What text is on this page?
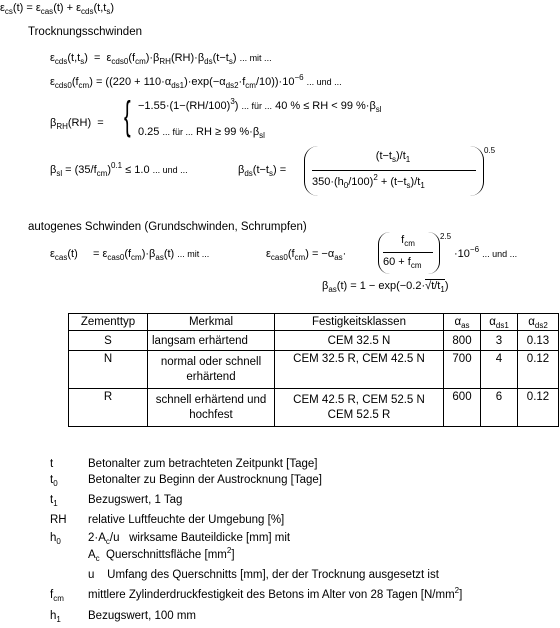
$\varepsilon_{cs}(t) = \varepsilon_{cas}(t) + \varepsilon_{cds}(t,t_s)$
Trocknungsschwinden
$\varepsilon_{cds}(t,t_s) = \varepsilon_{cds0}(f_{cm})\cdot\beta_{RH}(RH)\cdot\beta_{ds}(t-t_s)$ ... mit ...
$\varepsilon_{cds0}(f_{cm}) = ((220 + 110\cdot\alpha_{ds1})\cdot\exp(-\alpha_{ds2}\cdot f_{cm}/10))\cdot 10^{-6}$ ... und ...
$\beta_{RH}(RH)$  = { $-1.55\cdot(1-(RH/100)^3)$ ... für ... 40 % ≤ RH < 99 $\%\cdot\beta_{sl}$
0.25 ... für ... RH ≥ 99 $\%\cdot\beta_{sl}$
$\beta_{sl} = (35/f_{cm})^{0.1} \le 1.0$ ... und ...	$\beta_{ds}(t-t_s)$ =
$(t-t_s)/t_1$
$350\cdot(h_0/100)^2 + (t-t_s)/t_1$
0.5
autogenes Schwinden (Grundschwinden, Schrumpfen)
$\varepsilon_{cas}(t)$     = $\varepsilon_{cas0}(f_{cm})\cdot\beta_{as}(t)$ ... mit ...	$\varepsilon_{cas0}(f_{cm}) = -\alpha_{as}\cdot$
$f_{cm}$
$60 + f_{cm}$
2.5
$\cdot 10^{-6}$ ... und ...
$\beta_{as}(t) = 1 - \exp(-0.2\cdot√t/t_1)$
Zementtyp	Merkmal	Festigkeitsklassen	$\alpha_{as}$	$\alpha_{ds1}$	$\alpha_{ds2}$
S	langsam erhärtend	CEM 32.5 N	800	3	0.13
N	normal oder schnell erhärtend	CEM 32.5 R, CEM 42.5 N	700	4	0.12
R	schnell erhärtend und hochfest	CEM 42.5 R, CEM 52.5 N CEM 52.5 R	600	6	0.12
t	Betonalter zum betrachteten Zeitpunkt [Tage]
$t_0$	Betonalter zu Beginn der Austrocknung [Tage]
$t_1$	Bezugswert, 1 Tag
RH	relative Luftfeuchte der Umgebung [%]
$h_0$	$2\cdot A_c/u$   wirksame Bauteildicke [mm] mit
$A_c$  Querschnittsfläche $[mm^2]$
u    Umfang des Querschnitts [mm], der der Trocknung ausgesetzt ist
$f_{cm}$	mittlere Zylinderdruckfestigkeit des Betons im Alter von 28 Tagen $[N/mm^2]$
$h_1$	Bezugswert, 100 mm
